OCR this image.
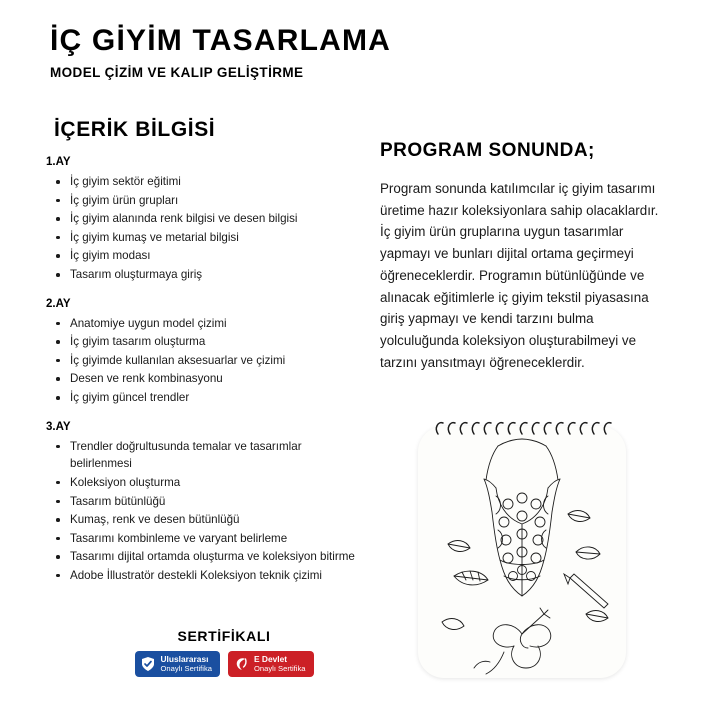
İÇ GİYİM TASARLAMA
MODEL ÇİZİM VE KALIP GELİŞTİRME
İÇERİK BİLGİSİ
1.AY
İç giyim sektör eğitimi
İç giyim ürün grupları
İç giyim alanında renk bilgisi ve desen bilgisi
İç giyim kumaş ve metarial bilgisi
İç giyim modası
Tasarım oluşturmaya giriş
2.AY
Anatomiye uygun model çizimi
İç giyim tasarım oluşturma
İç giyimde kullanılan aksesuarlar ve çizimi
Desen ve renk kombinasyonu
İç giyim güncel trendler
3.AY
Trendler doğrultusunda temalar ve tasarımlar belirlenmesi
Koleksiyon oluşturma
Tasarım bütünlüğü
Kumaş, renk ve desen bütünlüğü
Tasarımı kombinleme ve varyant belirleme
Tasarımı dijital ortamda oluşturma ve koleksiyon bitirme
Adobe İllustratör destekli Koleksiyon teknik çizimi
PROGRAM SONUNDA;
Program sonunda katılımcılar iç giyim tasarımı üretime hazır koleksiyonlara sahip olacaklardır. İç giyim ürün gruplarına uygun tasarımlar yapmayı ve bunları dijital ortama geçirmeyi öğreneceklerdir. Programın bütünlüğünde ve alınacak eğitimlerle iç giyim tekstil piyasasına giriş yapmayı ve kendi tarzını bulma yolculuğunda koleksiyon oluşturabilmeyi ve tarzını yansıtmayı öğreneceklerdir.
SERTİFİKALI
Uluslararası
Onaylı Sertifika
E Devlet
Onaylı Sertifika
